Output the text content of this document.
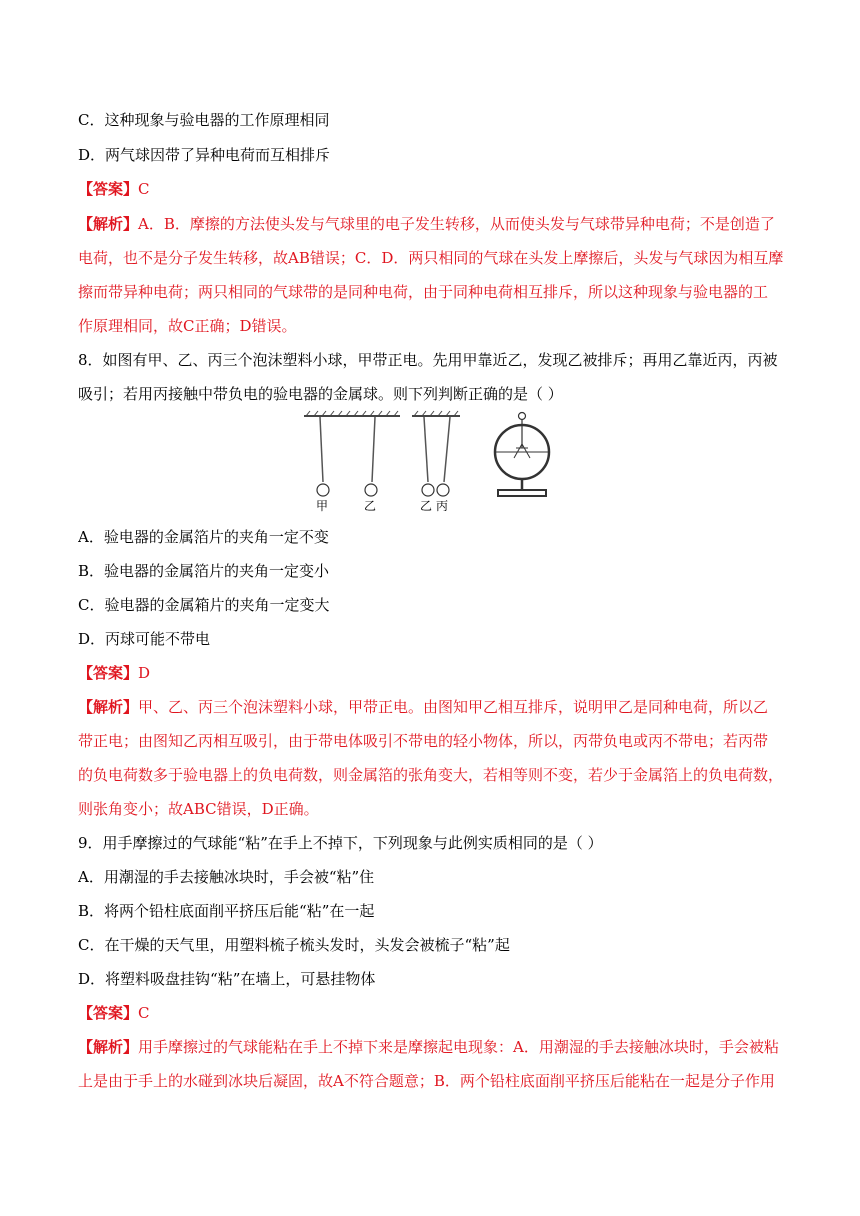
C．这种现象与验电器的工作原理相同
D．两气球因带了异种电荷而互相排斥
【答案】C
【解析】A．B．摩擦的方法使头发与气球里的电子发生转移，从而使头发与气球带异种电荷；不是创造了
电荷，也不是分子发生转移，故AB错误；C．D．两只相同的气球在头发上摩擦后，头发与气球因为相互摩
擦而带异种电荷；两只相同的气球带的是同种电荷，由于同种电荷相互排斥，所以这种现象与验电器的工
作原理相同，故C正确；D错误。
8．如图有甲、乙、丙三个泡沫塑料小球，甲带正电。先用甲靠近乙，发现乙被排斥；再用乙靠近丙，丙被
吸引；若用丙接触中带负电的验电器的金属球。则下列判断正确的是（ ）
甲	乙	乙 丙
A．验电器的金属箔片的夹角一定不变
B．验电器的金属箔片的夹角一定变小
C．验电器的金属箱片的夹角一定变大
D．丙球可能不带电
【答案】D
【解析】甲、乙、丙三个泡沫塑料小球，甲带正电。由图知甲乙相互排斥，说明甲乙是同种电荷，所以乙
带正电；由图知乙丙相互吸引，由于带电体吸引不带电的轻小物体，所以，丙带负电或丙不带电；若丙带
的负电荷数多于验电器上的负电荷数，则金属箔的张角变大，若相等则不变，若少于金属箔上的负电荷数，
则张角变小；故ABC错误，D正确。
9．用手摩擦过的气球能“粘”在手上不掉下，下列现象与此例实质相同的是（ ）
A．用潮湿的手去接触冰块时，手会被“粘”住
B．将两个铅柱底面削平挤压后能“粘”在一起
C．在干燥的天气里，用塑料梳子梳头发时，头发会被梳子“粘”起
D．将塑料吸盘挂钩“粘”在墙上，可悬挂物体
【答案】C
【解析】用手摩擦过的气球能粘在手上不掉下来是摩擦起电现象：A．用潮湿的手去接触冰块时，手会被粘
上是由于手上的水碰到冰块后凝固，故A不符合题意；B．两个铅柱底面削平挤压后能粘在一起是分子作用
